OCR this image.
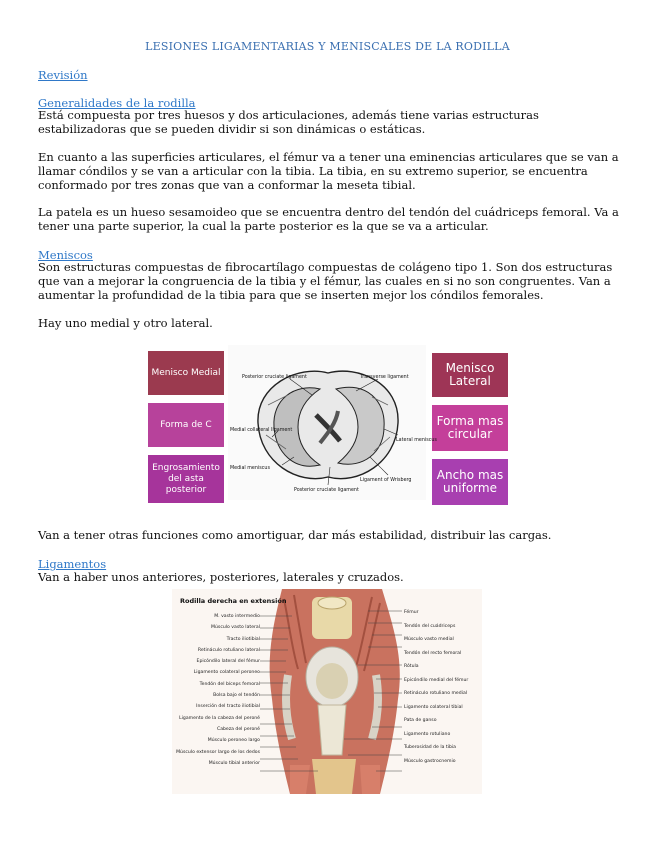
LESIONES LIGAMENTARIAS Y MENISCALES DE LA RODILLA
Revisión
Generalidades de la rodilla

Está compuesta por tres huesos y dos articulaciones, además tiene varias estructuras estabilizadoras que se pueden dividir si son dinámicas o estáticas.

En cuanto a las superficies articulares, el fémur va a tener una eminencias articulares que se van a llamar cóndilos y se van a articular con la tibia. La tibia, en su extremo superior, se encuentra conformado por tres zonas que van a conformar la meseta tibial.

La patela es un hueso sesamoideo que se encuentra dentro del tendón del cuádriceps femoral. Va a tener una parte superior, la cual la parte posterior es la que se va a articular.

Meniscos

Son estructuras compuestas de fibrocartílago compuestas de colágeno tipo 1. Son dos estructuras que van a mejorar la congruencia de la tibia y el fémur, las cuales en si no son congruentes. Van a aumentar la profundidad de la tibia para que se inserten mejor los cóndilos femorales.

Hay uno medial y otro lateral.

Menisco Medial
Forma de C
Engrosamiento del asta posterior
Menisco Lateral
Forma mas circular
Ancho mas uniforme
Posterior cruciate ligament	Transverse ligament
Medial collateral ligament
Lateral meniscus
Medial meniscus
Posterior cruciate ligament
Ligament of Wrisberg

Van a tener otras funciones como amortiguar, dar más estabilidad, distribuir las cargas.

Ligamentos

Van a haber unos anteriores, posteriores, laterales y cruzados.

Rodilla derecha en extensión
M. vasto intermedio
Músculo vasto lateral
Tracto iliotibial
Retináculo rotuliano lateral
Epicóndilo lateral del fémur
Ligamento colateral peroneo
Tendón del bíceps femoral
Bolsa bajo el tendón
Inserción del tracto iliotibial
Ligamento de la cabeza del peroné
Cabeza del peroné
Músculo peroneo largo
Músculo extensor largo de los dedos
Músculo tibial anterior
Fémur
Tendón del cuádriceps
Músculo vasto medial
Tendón del recto femoral
Rótula
Epicóndilo medial del fémur
Retináculo rotuliano medial
Ligamento colateral tibial
Pata de ganso
Ligamento rotuliano
Tuberosidad de la tibia
Músculo gastrocnemio
